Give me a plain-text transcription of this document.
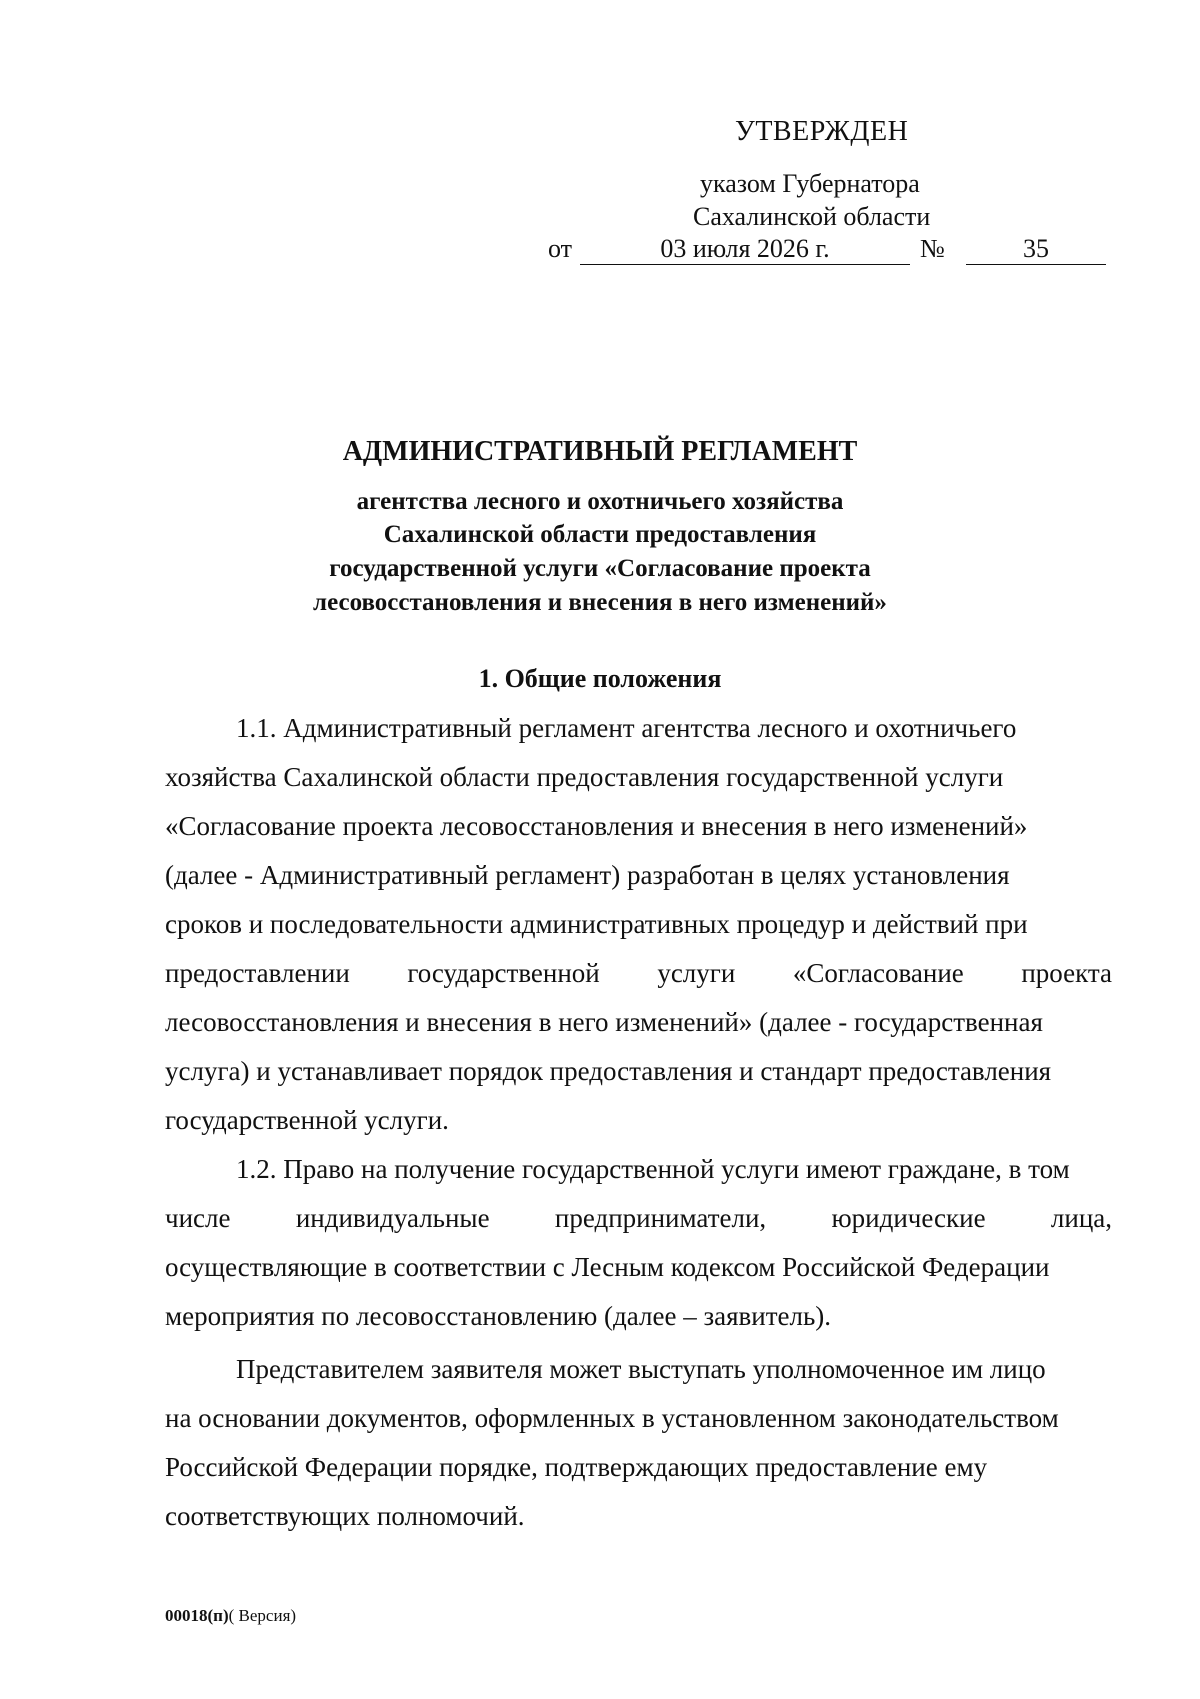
УТВЕРЖДЕН
указом Губернатора
Сахалинской области
от	03 июля 2026 г.	№	35
АДМИНИСТРАТИВНЫЙ РЕГЛАМЕНТ
агентства лесного и охотничьего хозяйства
Сахалинской области предоставления
государственной услуги «Согласование проекта
лесовосстановления и внесения в него изменений»
1. Общие положения
1.1. Административный регламент агентства лесного и охотничьего
хозяйства Сахалинской области предоставления государственной услуги
«Согласование проекта лесовосстановления и внесения в него изменений»
(далее - Административный регламент) разработан в целях установления
сроков и последовательности административных процедур и действий при
предоставлении государственной услуги «Согласование проекта
лесовосстановления и внесения в него изменений» (далее - государственная
услуга) и устанавливает порядок предоставления и стандарт предоставления
государственной услуги.
1.2. Право на получение государственной услуги имеют граждане, в том
числе индивидуальные предприниматели, юридические лица,
осуществляющие в соответствии с Лесным кодексом Российской Федерации
мероприятия по лесовосстановлению (далее – заявитель).
Представителем заявителя может выступать уполномоченное им лицо
на основании документов, оформленных в установленном законодательством
Российской Федерации порядке, подтверждающих предоставление ему
соответствующих полномочий.
00018(п)( Версия)
